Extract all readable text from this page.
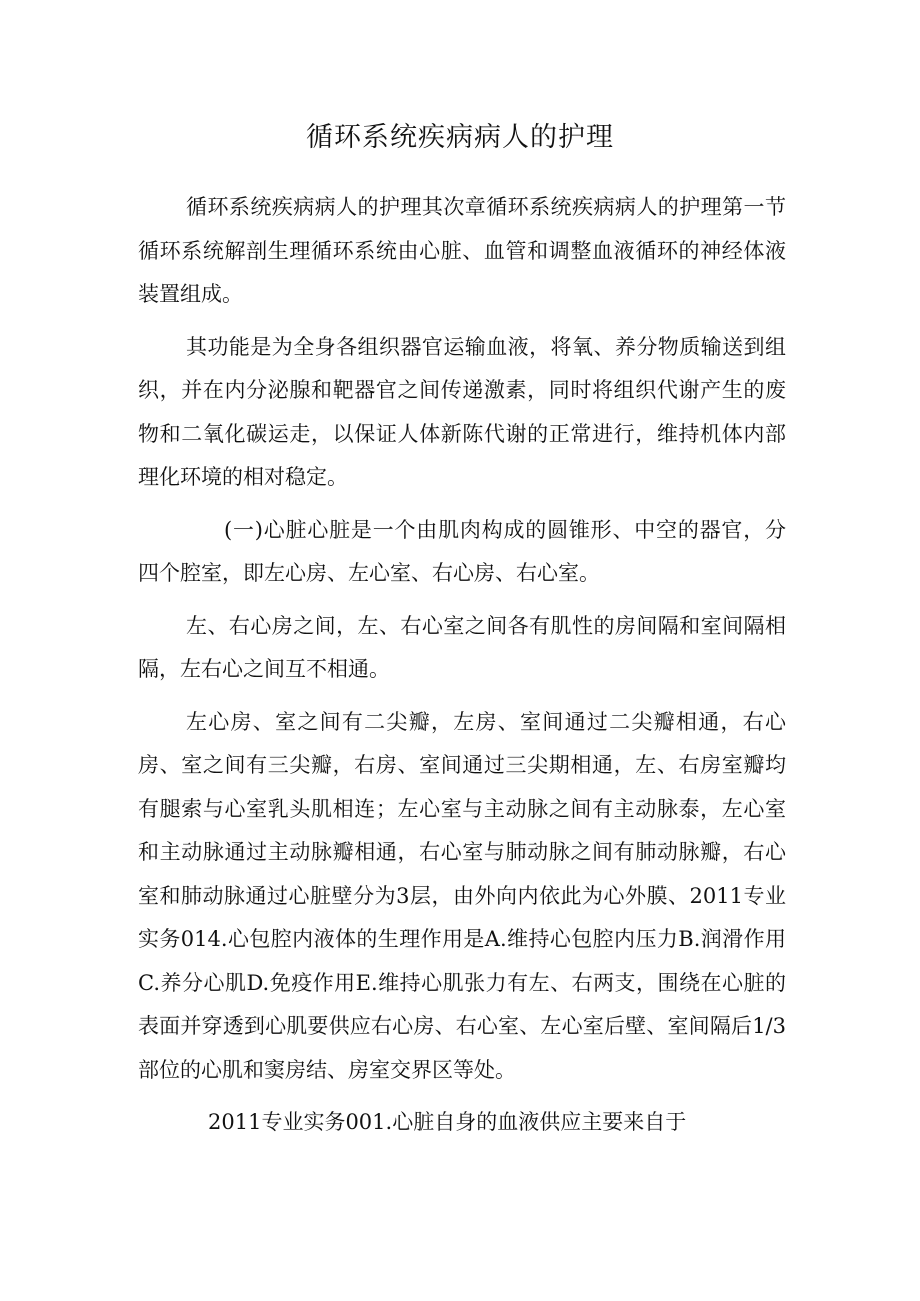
循环系统疾病病人的护理

循环系统疾病病人的护理其次章循环系统疾病病人的护理第一节循环系统解剖生理循环系统由心脏、血管和调整血液循环的神经体液装置组成。

其功能是为全身各组织器官运输血液，将氧、养分物质输送到组织，并在内分泌腺和靶器官之间传递激素，同时将组织代谢产生的废物和二氧化碳运走，以保证人体新陈代谢的正常进行，维持机体内部理化环境的相对稳定。

(一)心脏心脏是一个由肌肉构成的圆锥形、中空的器官，分四个腔室，即左心房、左心室、右心房、右心室。

左、右心房之间，左、右心室之间各有肌性的房间隔和室间隔相隔，左右心之间互不相通。

左心房、室之间有二尖瓣，左房、室间通过二尖瓣相通，右心房、室之间有三尖瓣，右房、室间通过三尖期相通，左、右房室瓣均有腿索与心室乳头肌相连；左心室与主动脉之间有主动脉泰，左心室和主动脉通过主动脉瓣相通，右心室与肺动脉之间有肺动脉瓣，右心室和肺动脉通过心脏壁分为3层，由外向内依此为心外膜、2011专业实务014.心包腔内液体的生理作用是A.维持心包腔内压力B.润滑作用C.养分心肌D.免疫作用E.维持心肌张力有左、右两支，围绕在心脏的表面并穿透到心肌要供应右心房、右心室、左心室后壁、室间隔后1/3部位的心肌和窦房结、房室交界区等处。

2011专业实务001.心脏自身的血液供应主要来自于
